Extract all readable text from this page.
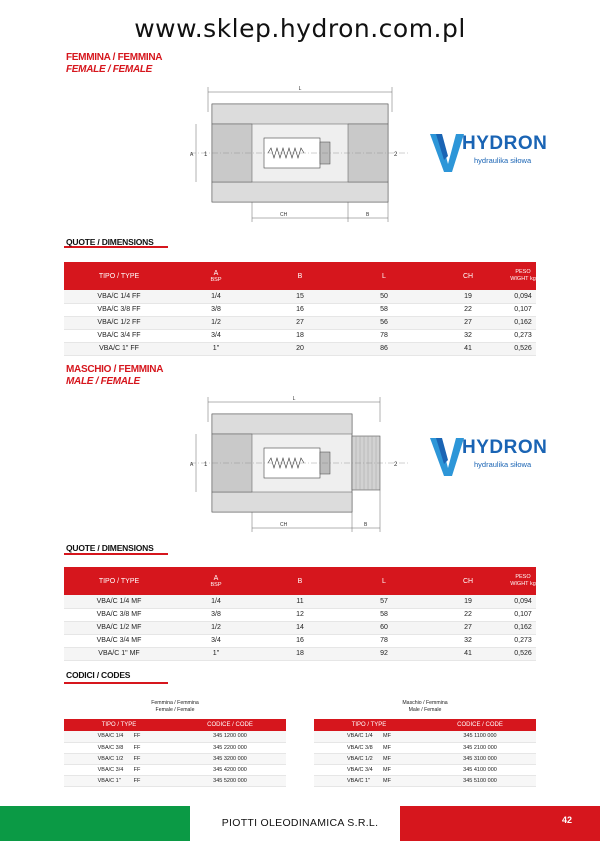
www.sklep.hydron.com.pl
FEMMINA / FEMMINA
FEMALE / FEMALE
L
A 1	2
CH	B
HYDRON
hydraulika siłowa
QUOTE / DIMENSIONS
TIPO / TYPE	A
BSP	B	L	CH	PESO WIGHT kg
VBA/C 1/4 FF	1/4	15	50	19	0,094
VBA/C 3/8 FF	3/8	16	58	22	0,107
VBA/C 1/2 FF	1/2	27	56	27	0,162
VBA/C 3/4 FF	3/4	18	78	32	0,273
VBA/C 1" FF	1"	20	86	41	0,526
MASCHIO / FEMMINA
MALE / FEMALE
L
A 1	2
CH	B
HYDRON
hydraulika siłowa
QUOTE / DIMENSIONS
TIPO / TYPE	A
BSP	B	L	CH	PESO WIGHT kg
VBA/C 1/4 MF	1/4	11	57	19	0,094
VBA/C 3/8 MF	3/8	12	58	22	0,107
VBA/C 1/2 MF	1/2	14	60	27	0,162
VBA/C 3/4 MF	3/4	16	78	32	0,273
VBA/C 1" MF	1"	18	92	41	0,526
CODICI / CODES
Femmina / Femmina
Female / Female
TIPO / TYPE	CODICE / CODE
VBA/C 1/4 FF	345 1200 000
VBA/C 3/8 FF	345 2200 000
VBA/C 1/2 FF	345 3200 000
VBA/C 3/4 FF	345 4200 000
VBA/C 1" FF	345 5200 000
Maschio / Femmina
Male / Female
TIPO / TYPE	CODICE / CODE
VBA/C 1/4 MF	345 1100 000
VBA/C 3/8 MF	345 2100 000
VBA/C 1/2 MF	345 3100 000
VBA/C 3/4 MF	345 4100 000
VBA/C 1" MF	345 5100 000
PIOTTI OLEODINAMICA S.R.L.	42
